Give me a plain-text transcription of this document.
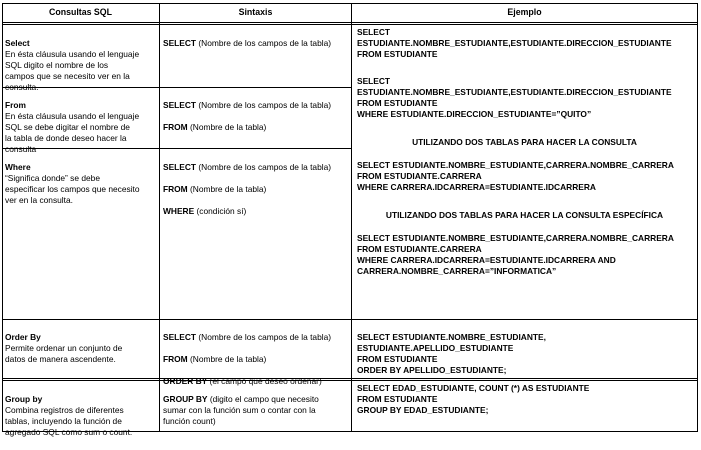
Consultas SQL	Sintaxis	Ejemplo

Select

En ésta cláusula usando el lenguaje
SQL digito el nombre de los
campos que se necesito ver en la
consulta.

SELECT (Nombre de los campos de la tabla)

From

En ésta cláusula usando el lenguaje
SQL se debe digitar el nombre de
la tabla de donde deseo hacer la
consulta

SELECT (Nombre de los campos de la tabla)

FROM (Nombre de la tabla)

Where

“Significa donde” se debe
especificar los campos que necesito
ver en la consulta.

SELECT (Nombre de los campos de la tabla)

FROM (Nombre de la tabla)

WHERE (condición sí)

SELECT
ESTUDIANTE.NOMBRE_ESTUDIANTE,ESTUDIANTE.DIRECCION_ESTUDIANTE
FROM ESTUDIANTE
SELECT
ESTUDIANTE.NOMBRE_ESTUDIANTE,ESTUDIANTE.DIRECCION_ESTUDIANTE
FROM ESTUDIANTE
WHERE ESTUDIANTE.DIRECCION_ESTUDIANTE=”QUITO”
UTILIZANDO DOS TABLAS PARA HACER LA CONSULTA
SELECT ESTUDIANTE.NOMBRE_ESTUDIANTE,CARRERA.NOMBRE_CARRERA
FROM ESTUDIANTE.CARRERA
WHERE CARRERA.IDCARRERA=ESTUDIANTE.IDCARRERA
UTILIZANDO DOS TABLAS PARA HACER LA CONSULTA ESPECÍFICA
SELECT ESTUDIANTE.NOMBRE_ESTUDIANTE,CARRERA.NOMBRE_CARRERA
FROM ESTUDIANTE.CARRERA
WHERE CARRERA.IDCARRERA=ESTUDIANTE.IDCARRERA AND
CARRERA.NOMBRE_CARRERA=”INFORMATICA”

Order By

Permite ordenar un conjunto de
datos de manera ascendente.

SELECT (Nombre de los campos de la tabla)

FROM (Nombre de la tabla)

ORDER BY (el campo que deseo ordenar)

SELECT ESTUDIANTE.NOMBRE_ESTUDIANTE, ESTUDIANTE.APELLIDO_ESTUDIANTE
FROM ESTUDIANTE
ORDER BY APELLIDO_ESTUDIANTE;

Group by

Combina registros de diferentes
tablas, incluyendo la función de
agregado SQL como sum o count.

GROUP BY (digito el campo que necesito
sumar con la función sum o contar con la
función count)

SELECT EDAD_ESTUDIANTE, COUNT (*) AS ESTUDIANTE
FROM ESTUDIANTE
GROUP BY EDAD_ESTUDIANTE;
